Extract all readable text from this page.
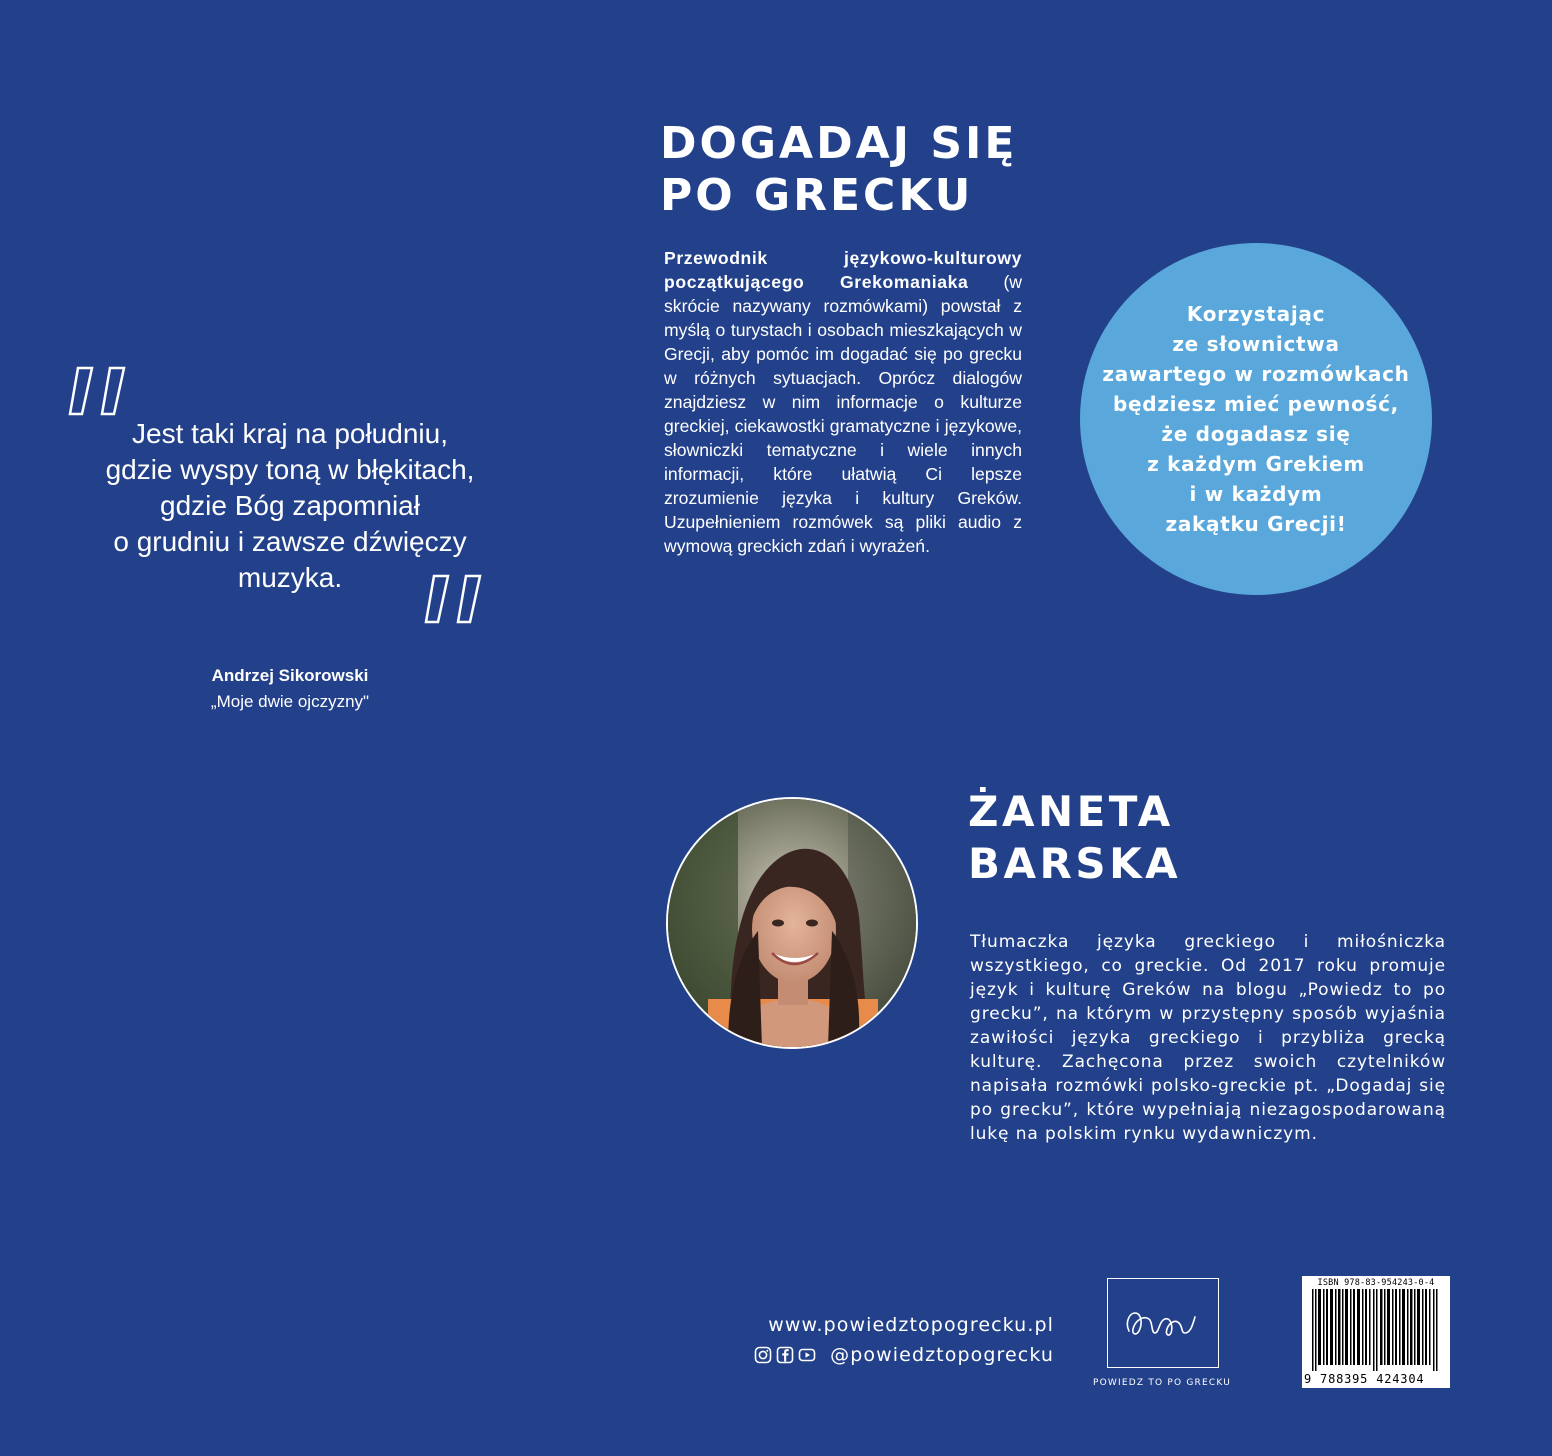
DOGADAJ SIĘ
PO GRECKU
Przewodnik językowo-kulturowy początkującego Grekomaniaka (w skrócie nazywany rozmówkami) powstał z myślą o turystach i osobach mieszkających w Grecji, aby pomóc im dogadać się po grecku w różnych sytuacjach. Oprócz dialogów znajdziesz w nim informacje o kulturze greckiej, ciekawostki gramatyczne i językowe, słowniczki tematyczne i wiele innych informacji, które ułatwią Ci lepsze zrozumienie języka i kultury Greków. Uzupełnieniem rozmówek są pliki audio z wymową greckich zdań i wyrażeń.
Korzystając
ze słownictwa
zawartego w rozmówkach
będziesz mieć pewność,
że dogadasz się
z każdym Grekiem
i w każdym
zakątku Grecji!
Jest taki kraj na południu,
gdzie wyspy toną w błękitach,
gdzie Bóg zapomniał
o grudniu i zawsze dźwięczy
muzyka.
Andrzej Sikorowski
„Moje dwie ojczyzny"
ŻANETA
BARSKA
Tłumaczka języka greckiego i miłośniczka wszystkiego, co greckie. Od 2017 roku promuje język i kulturę Greków na blogu „Powiedz to po grecku”, na którym w przystępny sposób wyjaśnia zawiłości języka greckiego i przybliża grecką kulturę. Zachęcona przez swoich czytelników napisała rozmówki polsko-greckie pt. „Dogadaj się po grecku”, które wypełniają niezagospodarowaną lukę na polskim rynku wydawniczym.
www.powiedztopogrecku.pl
@powiedztopogrecku
POWIEDZ TO PO GRECKU
ISBN 978-83-954243-0-4
9 788395 424304
